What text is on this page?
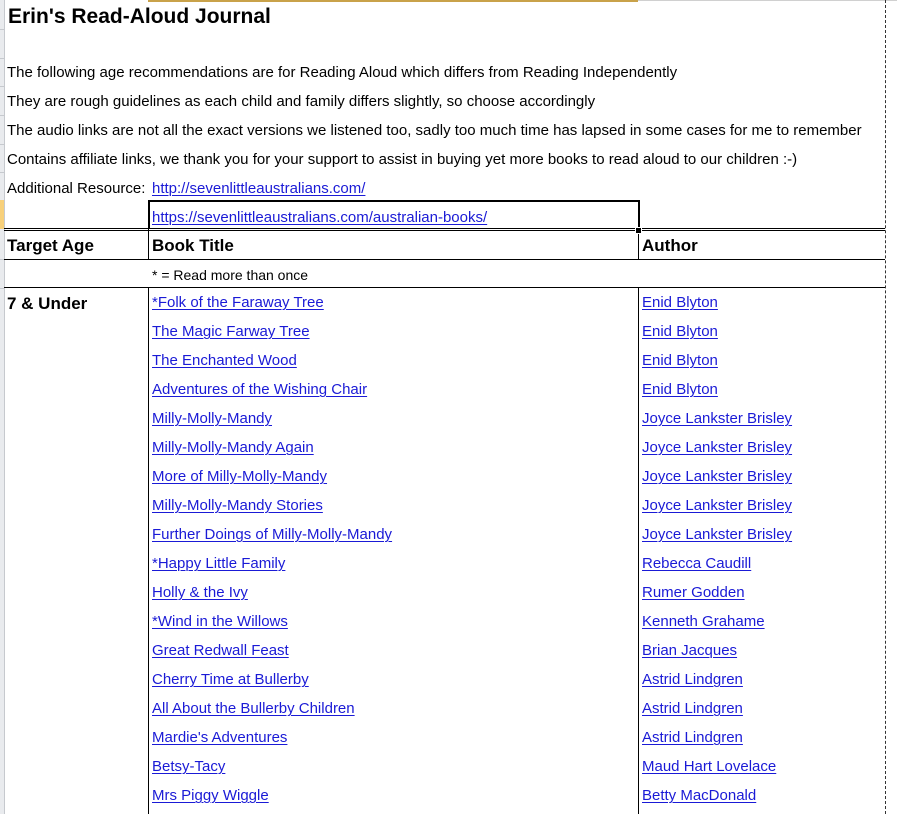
Erin's Read-Aloud Journal
The following age recommendations are for Reading Aloud which differs from Reading Independently
They are rough guidelines as each child and family differs slightly, so choose accordingly
The audio links are not all the exact versions we listened too, sadly too much time has lapsed in some cases for me to remember
Contains affiliate links, we thank you for your support to assist in buying yet more books to read aloud to our children :-)
Additional Resource: http://sevenlittleaustralians.com/
https://sevenlittleaustralians.com/australian-books/
Target Age	Book Title	Author
* = Read more than once
7 & Under	*Folk of the Faraway Tree	Enid Blyton
The Magic Farway Tree	Enid Blyton
The Enchanted Wood	Enid Blyton
Adventures of the Wishing Chair	Enid Blyton
Milly-Molly-Mandy	Joyce Lankster Brisley
Milly-Molly-Mandy Again	Joyce Lankster Brisley
More of Milly-Molly-Mandy	Joyce Lankster Brisley
Milly-Molly-Mandy Stories	Joyce Lankster Brisley
Further Doings of Milly-Molly-Mandy	Joyce Lankster Brisley
*Happy Little Family	Rebecca Caudill
Holly & the Ivy	Rumer Godden
*Wind in the Willows	Kenneth Grahame
Great Redwall Feast	Brian Jacques
Cherry Time at Bullerby	Astrid Lindgren
All About the Bullerby Children	Astrid Lindgren
Mardie's Adventures	Astrid Lindgren
Betsy-Tacy	Maud Hart Lovelace
Mrs Piggy Wiggle	Betty MacDonald
